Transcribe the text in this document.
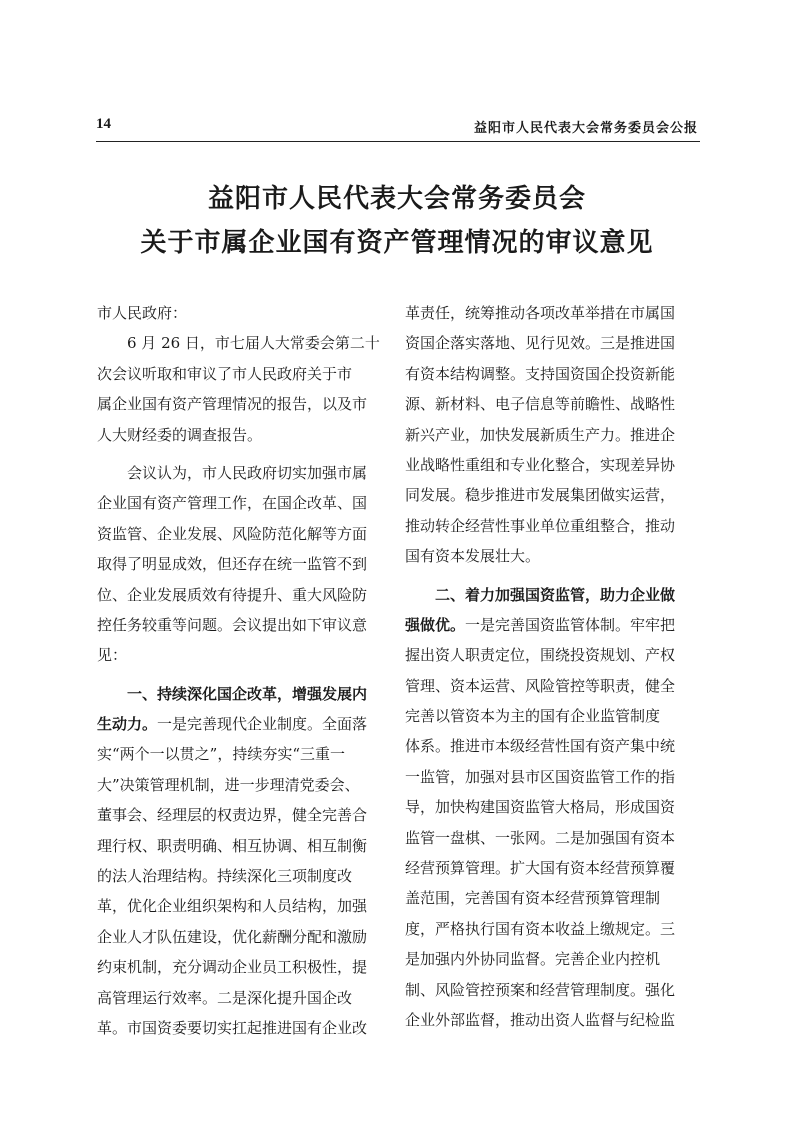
14	益阳市人民代表大会常务委员会公报
益阳市人民代表大会常务委员会
关于市属企业国有资产管理情况的审议意见
市人民政府：
　　6 月 26 日，市七届人大常委会第二十
次会议听取和审议了市人民政府关于市
属企业国有资产管理情况的报告，以及市
人大财经委的调查报告。
　　会议认为，市人民政府切实加强市属
企业国有资产管理工作，在国企改革、国
资监管、企业发展、风险防范化解等方面
取得了明显成效，但还存在统一监管不到
位、企业发展质效有待提升、重大风险防
控任务较重等问题。会议提出如下审议意
见：
　　一、持续深化国企改革，增强发展内
生动力。一是完善现代企业制度。全面落
实“两个一以贯之”，持续夯实“三重一
大”决策管理机制，进一步理清党委会、
董事会、经理层的权责边界，健全完善合
理行权、职责明确、相互协调、相互制衡
的法人治理结构。持续深化三项制度改
革，优化企业组织架构和人员结构，加强
企业人才队伍建设，优化薪酬分配和激励
约束机制，充分调动企业员工积极性，提
高管理运行效率。二是深化提升国企改
革。市国资委要切实扛起推进国有企业改
革责任，统筹推动各项改革举措在市属国
资国企落实落地、见行见效。三是推进国
有资本结构调整。支持国资国企投资新能
源、新材料、电子信息等前瞻性、战略性
新兴产业，加快发展新质生产力。推进企
业战略性重组和专业化整合，实现差异协
同发展。稳步推进市发展集团做实运营，
推动转企经营性事业单位重组整合，推动
国有资本发展壮大。
　　二、着力加强国资监管，助力企业做
强做优。一是完善国资监管体制。牢牢把
握出资人职责定位，围绕投资规划、产权
管理、资本运营、风险管控等职责，健全
完善以管资本为主的国有企业监管制度
体系。推进市本级经营性国有资产集中统
一监管，加强对县市区国资监管工作的指
导，加快构建国资监管大格局，形成国资
监管一盘棋、一张网。二是加强国有资本
经营预算管理。扩大国有资本经营预算覆
盖范围，完善国有资本经营预算管理制
度，严格执行国有资本收益上缴规定。三
是加强内外协同监督。完善企业内控机
制、风险管控预案和经营管理制度。强化
企业外部监督，推动出资人监督与纪检监
